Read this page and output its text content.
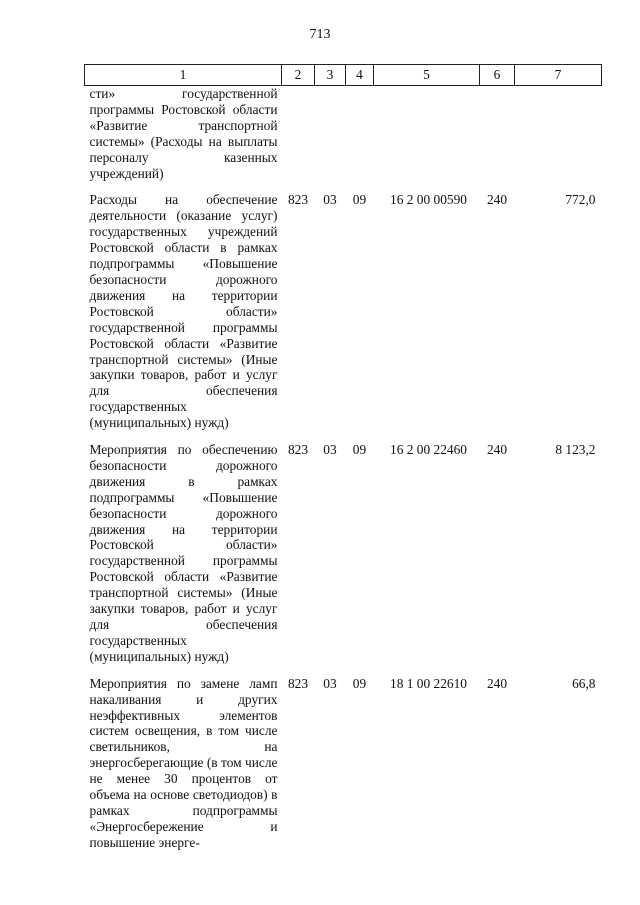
713
1	2	3	4	5	6	7
сти» государственной программы Ростовской области «Развитие транспортной системы» (Расходы на выплаты персоналу казенных учреждений)						

Расходы на обеспечение деятельности (оказание услуг) государственных учреждений Ростовской области в рамках подпрограммы «Повышение безопасности дорожного движения на территории Ростовской области» государственной программы Ростовской области «Развитие транспортной системы» (Иные закупки товаров, работ и услуг для обеспечения государственных (муниципальных) нужд)	823	03	09	16 2 00 00590	240	772,0

Мероприятия по обеспечению безопасности дорожного движения в рамках подпрограммы «Повышение безопасности дорожного движения на территории Ростовской области» государственной программы Ростовской области «Развитие транспортной системы» (Иные закупки товаров, работ и услуг для обеспечения государственных (муниципальных) нужд)	823	03	09	16 2 00 22460	240	8 123,2

Мероприятия по замене ламп накаливания и других неэффективных элементов систем освещения, в том числе светильников, на энергосберегающие (в том числе не менее 30 процентов от объема на основе светодиодов) в рамках подпрограммы «Энергосбережение и повышение энерге-	823	03	09	18 1 00 22610	240	66,8
